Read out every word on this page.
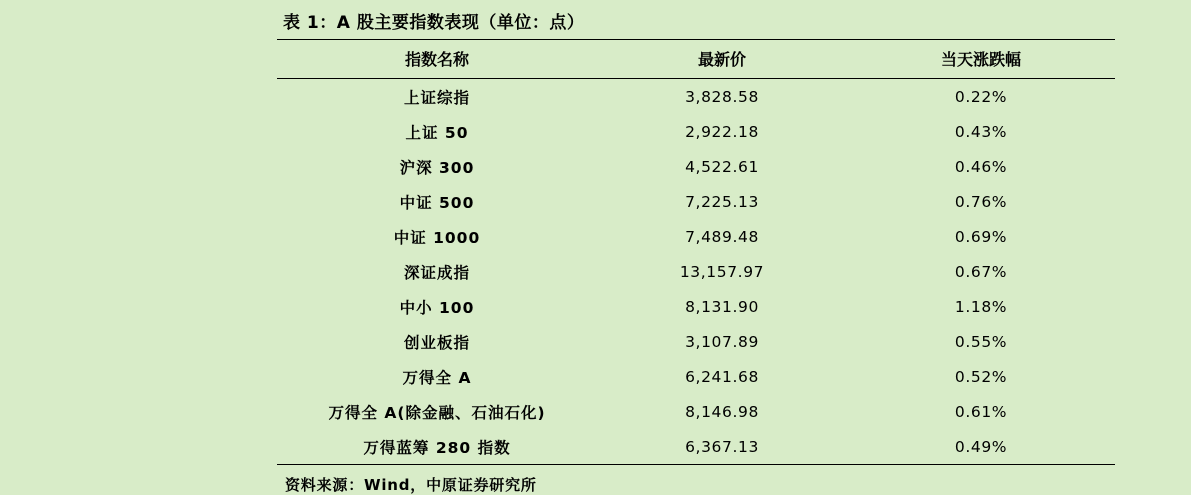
表 1：A 股主要指数表现（单位：点）
指数名称	最新价	当天涨跌幅
上证综指	3,828.58	0.22%
上证 50	2,922.18	0.43%
沪深 300	4,522.61	0.46%
中证 500	7,225.13	0.76%
中证 1000	7,489.48	0.69%
深证成指	13,157.97	0.67%
中小 100	8,131.90	1.18%
创业板指	3,107.89	0.55%
万得全 A	6,241.68	0.52%
万得全 A(除金融、石油石化)	8,146.98	0.61%
万得蓝筹 280 指数	6,367.13	0.49%
资料来源：Wind，中原证券研究所
